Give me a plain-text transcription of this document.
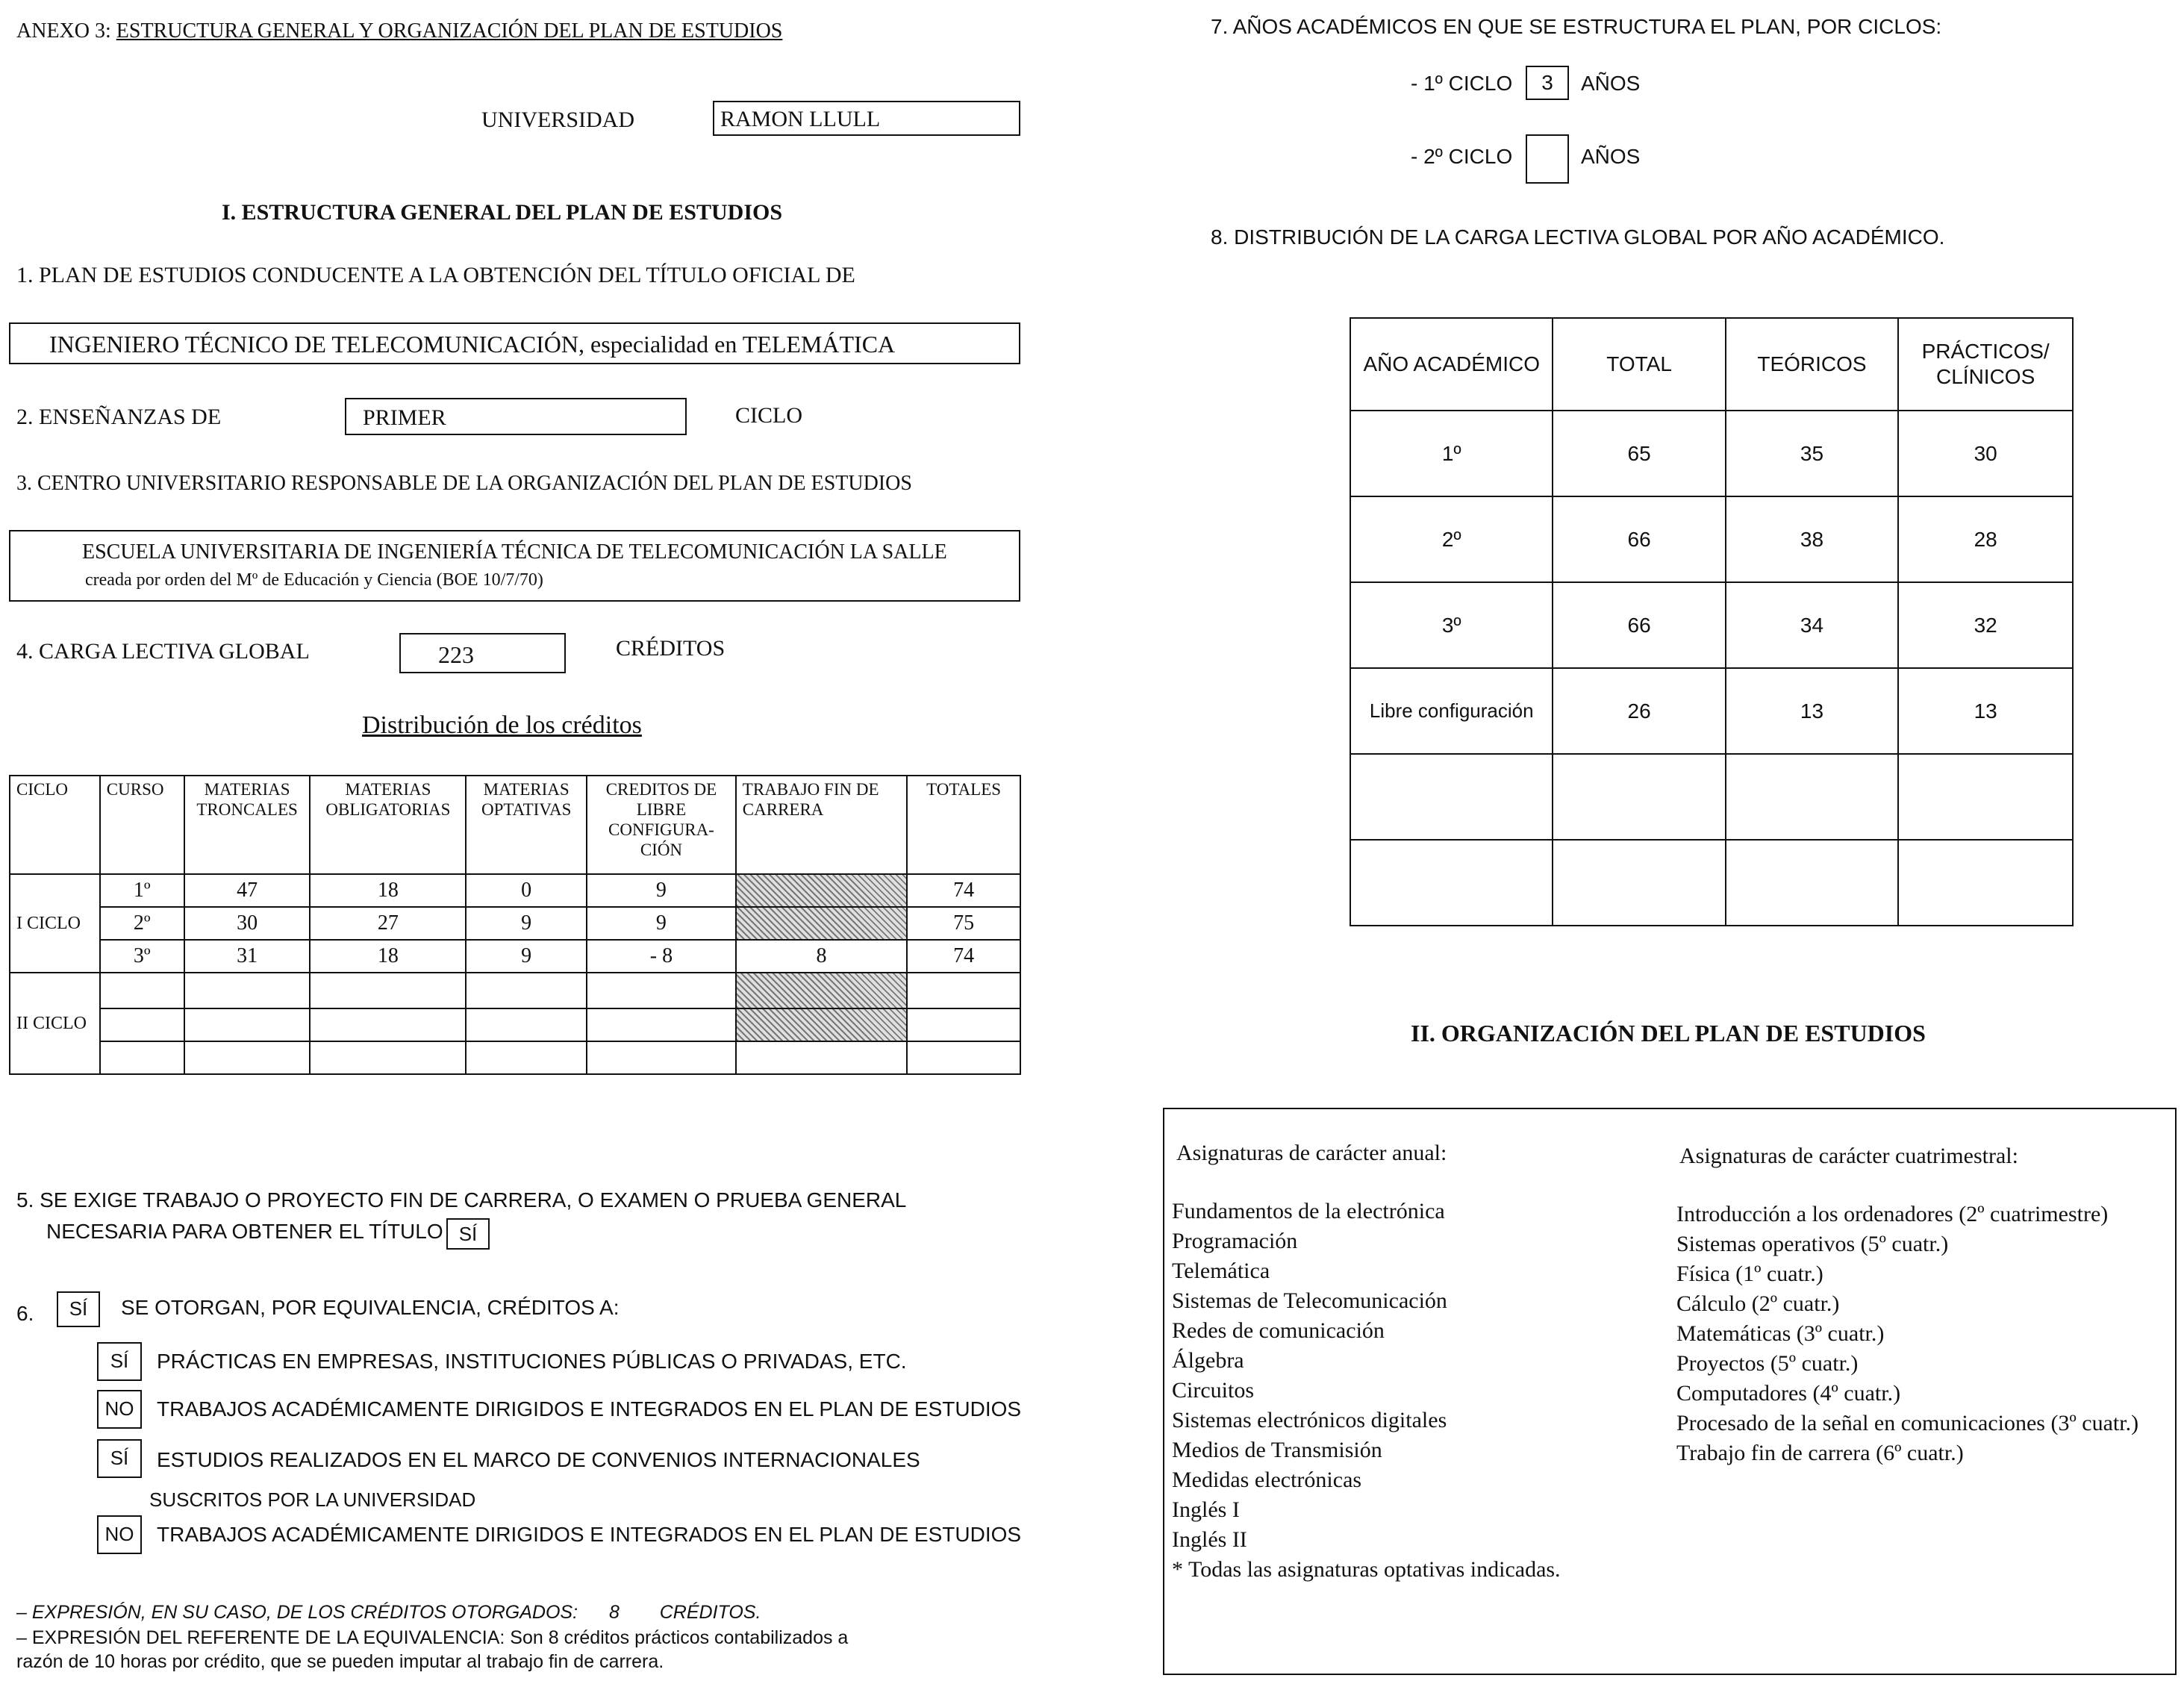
ANEXO 3: ESTRUCTURA GENERAL Y ORGANIZACIÓN DEL PLAN DE ESTUDIOS
UNIVERSIDAD	RAMON LLULL
I. ESTRUCTURA GENERAL DEL PLAN DE ESTUDIOS
1. PLAN DE ESTUDIOS CONDUCENTE A LA OBTENCIÓN DEL TÍTULO OFICIAL DE
INGENIERO TÉCNICO DE TELECOMUNICACIÓN, especialidad en TELEMÁTICA
2. ENSEÑANZAS DE	PRIMER	CICLO
3. CENTRO UNIVERSITARIO RESPONSABLE DE LA ORGANIZACIÓN DEL PLAN DE ESTUDIOS
ESCUELA UNIVERSITARIA DE INGENIERÍA TÉCNICA DE TELECOMUNICACIÓN LA SALLE
creada por orden del Mº de Educación y Ciencia (BOE 10/7/70)
4. CARGA LECTIVA GLOBAL	223	CRÉDITOS
Distribución de los créditos
CICLO	CURSO	MATERIAS TRONCALES	MATERIAS OBLIGATORIAS	MATERIAS OPTATIVAS	CREDITOS DE LIBRE CONFIGURA- CIÓN	TRABAJO FIN DE CARRERA	TOTALES
I CICLO	1º	47	18	0	9		74
	2º	30	27	9	9		75
	3º	31	18	9	- 8	8	74
II CICLO							

5. SE EXIGE TRABAJO O PROYECTO FIN DE CARRERA, O EXAMEN O PRUEBA GENERAL
NECESARIA PARA OBTENER EL TÍTULO SÍ
6.	SÍ	SE OTORGAN, POR EQUIVALENCIA, CRÉDITOS A:
SÍ	PRÁCTICAS EN EMPRESAS, INSTITUCIONES PÚBLICAS O PRIVADAS, ETC.
NO	TRABAJOS ACADÉMICAMENTE DIRIGIDOS E INTEGRADOS EN EL PLAN DE ESTUDIOS
SÍ	ESTUDIOS REALIZADOS EN EL MARCO DE CONVENIOS INTERNACIONALES
SUSCRITOS POR LA UNIVERSIDAD
NO	TRABAJOS ACADÉMICAMENTE DIRIGIDOS E INTEGRADOS EN EL PLAN DE ESTUDIOS
– EXPRESIÓN, EN SU CASO, DE LOS CRÉDITOS OTORGADOS: 8 CRÉDITOS.
– EXPRESIÓN DEL REFERENTE DE LA EQUIVALENCIA: Son 8 créditos prácticos contabilizados a
razón de 10 horas por crédito, que se pueden imputar al trabajo fin de carrera.
7. AÑOS ACADÉMICOS EN QUE SE ESTRUCTURA EL PLAN, POR CICLOS:
- 1º CICLO	3	AÑOS
- 2º CICLO	AÑOS
8. DISTRIBUCIÓN DE LA CARGA LECTIVA GLOBAL POR AÑO ACADÉMICO.
AÑO ACADÉMICO	TOTAL	TEÓRICOS	PRÁCTICOS/ CLÍNICOS
1º	65	35	30
2º	66	38	28
3º	66	34	32
Libre configuración	26	13	13

II. ORGANIZACIÓN DEL PLAN DE ESTUDIOS
Asignaturas de carácter anual:	Asignaturas de carácter cuatrimestral:
Fundamentos de la electrónica
Programación
Telemática
Sistemas de Telecomunicación
Redes de comunicación
Álgebra
Circuitos
Sistemas electrónicos digitales
Medios de Transmisión
Medidas electrónicas
Inglés I
Inglés II
* Todas las asignaturas optativas indicadas.
Introducción a los ordenadores (2º cuatrimestre)
Sistemas operativos (5º cuatr.)
Física (1º cuatr.)
Cálculo (2º cuatr.)
Matemáticas (3º cuatr.)
Proyectos (5º cuatr.)
Computadores (4º cuatr.)
Procesado de la señal en comunicaciones (3º cuatr.)
Trabajo fin de carrera (6º cuatr.)
